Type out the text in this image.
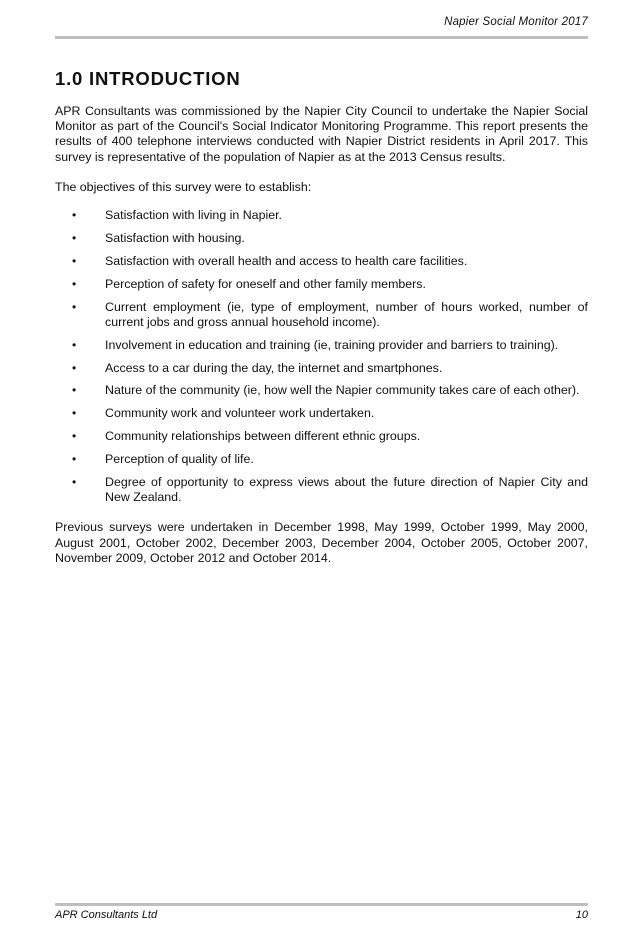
Napier Social Monitor 2017
1.0 INTRODUCTION

APR Consultants was commissioned by the Napier City Council to undertake the Napier Social Monitor as part of the Council's Social Indicator Monitoring Programme. This report presents the results of 400 telephone interviews conducted with Napier District residents in April 2017. This survey is representative of the population of Napier as at the 2013 Census results.

The objectives of this survey were to establish:

•	Satisfaction with living in Napier.
•	Satisfaction with housing.
•	Satisfaction with overall health and access to health care facilities.
•	Perception of safety for oneself and other family members.
•	Current employment (ie, type of employment, number of hours worked, number of current jobs and gross annual household income).
•	Involvement in education and training (ie, training provider and barriers to training).
•	Access to a car during the day, the internet and smartphones.
•	Nature of the community (ie, how well the Napier community takes care of each other).
•	Community work and volunteer work undertaken.
•	Community relationships between different ethnic groups.
•	Perception of quality of life.
•	Degree of opportunity to express views about the future direction of Napier City and New Zealand.

Previous surveys were undertaken in December 1998, May 1999, October 1999, May 2000, August 2001, October 2002, December 2003, December 2004, October 2005, October 2007, November 2009, October 2012 and October 2014.

APR Consultants Ltd	10
